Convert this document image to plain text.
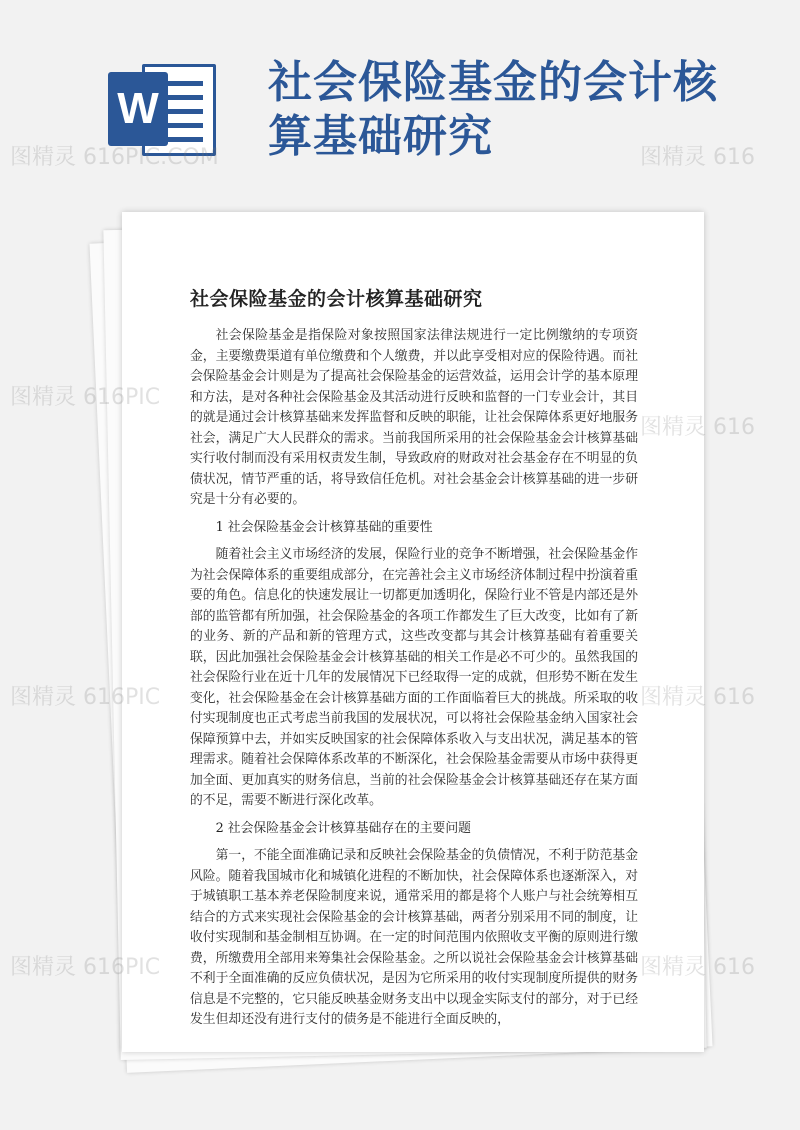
W
社会保险基金的会计核算基础研究
社会保险基金的会计核算基础研究

社会保险基金是指保险对象按照国家法律法规进行一定比例缴纳的专项资金，主要缴费渠道有单位缴费和个人缴费，并以此享受相对应的保险待遇。而社会保险基金会计则是为了提高社会保险基金的运营效益，运用会计学的基本原理和方法，是对各种社会保险基金及其活动进行反映和监督的一门专业会计，其目的就是通过会计核算基础来发挥监督和反映的职能，让社会保障体系更好地服务社会，满足广大人民群众的需求。当前我国所采用的社会保险基金会计核算基础实行收付制而没有采用权责发生制，导致政府的财政对社会基金存在不明显的负债状况，情节严重的话，将导致信任危机。对社会基金会计核算基础的进一步研究是十分有必要的。

1 社会保险基金会计核算基础的重要性

随着社会主义市场经济的发展，保险行业的竞争不断增强，社会保险基金作为社会保障体系的重要组成部分，在完善社会主义市场经济体制过程中扮演着重要的角色。信息化的快速发展让一切都更加透明化，保险行业不管是内部还是外部的监管都有所加强，社会保险基金的各项工作都发生了巨大改变，比如有了新的业务、新的产品和新的管理方式，这些改变都与其会计核算基础有着重要关联，因此加强社会保险基金会计核算基础的相关工作是必不可少的。虽然我国的社会保险行业在近十几年的发展情况下已经取得一定的成就，但形势不断在发生变化，社会保险基金在会计核算基础方面的工作面临着巨大的挑战。所采取的收付实现制度也正式考虑当前我国的发展状况，可以将社会保险基金纳入国家社会保障预算中去，并如实反映国家的社会保障体系收入与支出状况，满足基本的管理需求。随着社会保障体系改革的不断深化，社会保险基金需要从市场中获得更加全面、更加真实的财务信息，当前的社会保险基金会计核算基础还存在某方面的不足，需要不断进行深化改革。

2 社会保险基金会计核算基础存在的主要问题

第一，不能全面准确记录和反映社会保险基金的负债情况，不利于防范基金风险。随着我国城市化和城镇化进程的不断加快，社会保障体系也逐渐深入，对于城镇职工基本养老保险制度来说，通常采用的都是将个人账户与社会统筹相互结合的方式来实现社会保险基金的会计核算基础，两者分别采用不同的制度，让收付实现制和基金制相互协调。在一定的时间范围内依照收支平衡的原则进行缴费，所缴费用全部用来筹集社会保险基金。之所以说社会保险基金会计核算基础不利于全面准确的反应负债状况，是因为它所采用的收付实现制度所提供的财务信息是不完整的，它只能反映基金财务支出中以现金实际支付的部分，对于已经发生但却还没有进行支付的债务是不能进行全面反映的，

图精灵 616PIC.COM	图精灵 616
图精灵 616PIC
图精灵 616
图精灵 616PIC	图精灵 616
图精灵 616PIC	图精灵 616
